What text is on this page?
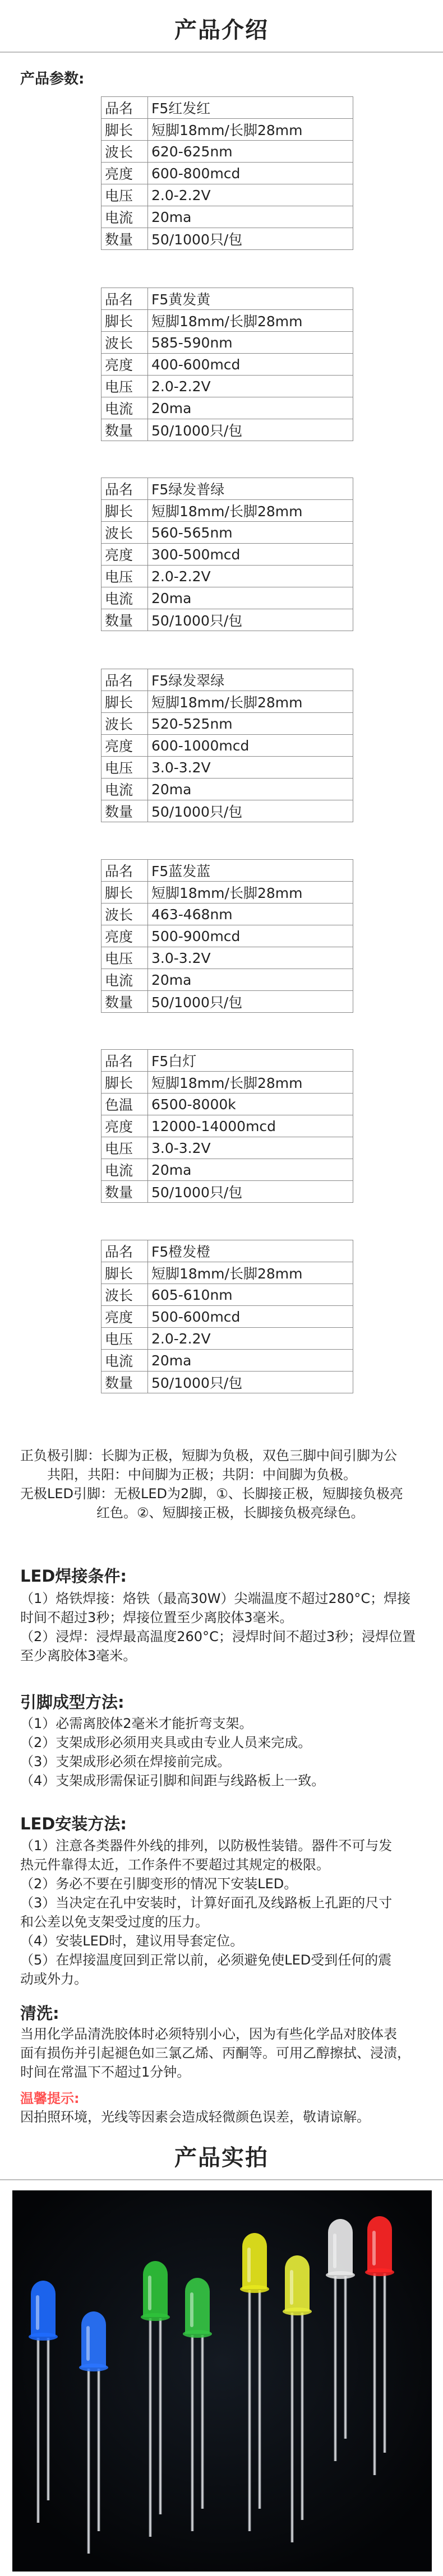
产品介绍
产品参数:
品名	F5红发红
脚长	短脚18mm/长脚28mm
波长	620-625nm
亮度	600-800mcd
电压	2.0-2.2V
电流	20ma
数量	50/1000只/包
品名	F5黄发黄
脚长	短脚18mm/长脚28mm
波长	585-590nm
亮度	400-600mcd
电压	2.0-2.2V
电流	20ma
数量	50/1000只/包
品名	F5绿发普绿
脚长	短脚18mm/长脚28mm
波长	560-565nm
亮度	300-500mcd
电压	2.0-2.2V
电流	20ma
数量	50/1000只/包
品名	F5绿发翠绿
脚长	短脚18mm/长脚28mm
波长	520-525nm
亮度	600-1000mcd
电压	3.0-3.2V
电流	20ma
数量	50/1000只/包
品名	F5蓝发蓝
脚长	短脚18mm/长脚28mm
波长	463-468nm
亮度	500-900mcd
电压	3.0-3.2V
电流	20ma
数量	50/1000只/包
品名	F5白灯
脚长	短脚18mm/长脚28mm
色温	6500-8000k
亮度	12000-14000mcd
电压	3.0-3.2V
电流	20ma
数量	50/1000只/包
品名	F5橙发橙
脚长	短脚18mm/长脚28mm
波长	605-610nm
亮度	500-600mcd
电压	2.0-2.2V
电流	20ma
数量	50/1000只/包
正负极引脚：长脚为正极，短脚为负极，双色三脚中间引脚为公
共阳，共阳：中间脚为正极；共阴：中间脚为负极。
无极LED引脚：无极LED为2脚，①、长脚接正极，短脚接负极亮
红色。②、短脚接正极，长脚接负极亮绿色。
LED焊接条件:
（1）烙铁焊接：烙铁（最高30W）尖端温度不超过280°C；焊接
时间不超过3秒；焊接位置至少离胶体3毫米。
（2）浸焊：浸焊最高温度260°C；浸焊时间不超过3秒；浸焊位置
至少离胶体3毫米。
引脚成型方法:
（1）必需离胶体2毫米才能折弯支架。
（2）支架成形必须用夹具或由专业人员来完成。
（3）支架成形必须在焊接前完成。
（4）支架成形需保证引脚和间距与线路板上一致。
LED安装方法:
（1）注意各类器件外线的排列，以防极性装错。器件不可与发
热元件靠得太近，工作条件不要超过其规定的极限。
（2）务必不要在引脚变形的情况下安装LED。
（3）当决定在孔中安装时，计算好面孔及线路板上孔距的尺寸
和公差以免支架受过度的压力。
（4）安装LED时，建议用导套定位。
（5）在焊接温度回到正常以前，必须避免使LED受到任何的震
动或外力。
清洗:
当用化学品清洗胶体时必须特别小心，因为有些化学品对胶体表
面有损伤并引起褪色如三氯乙烯、丙酮等。可用乙醇擦拭、浸渍，
时间在常温下不超过1分钟。
温馨提示:
因拍照环境，光线等因素会造成轻微颜色误差，敬请谅解。
产品实拍
